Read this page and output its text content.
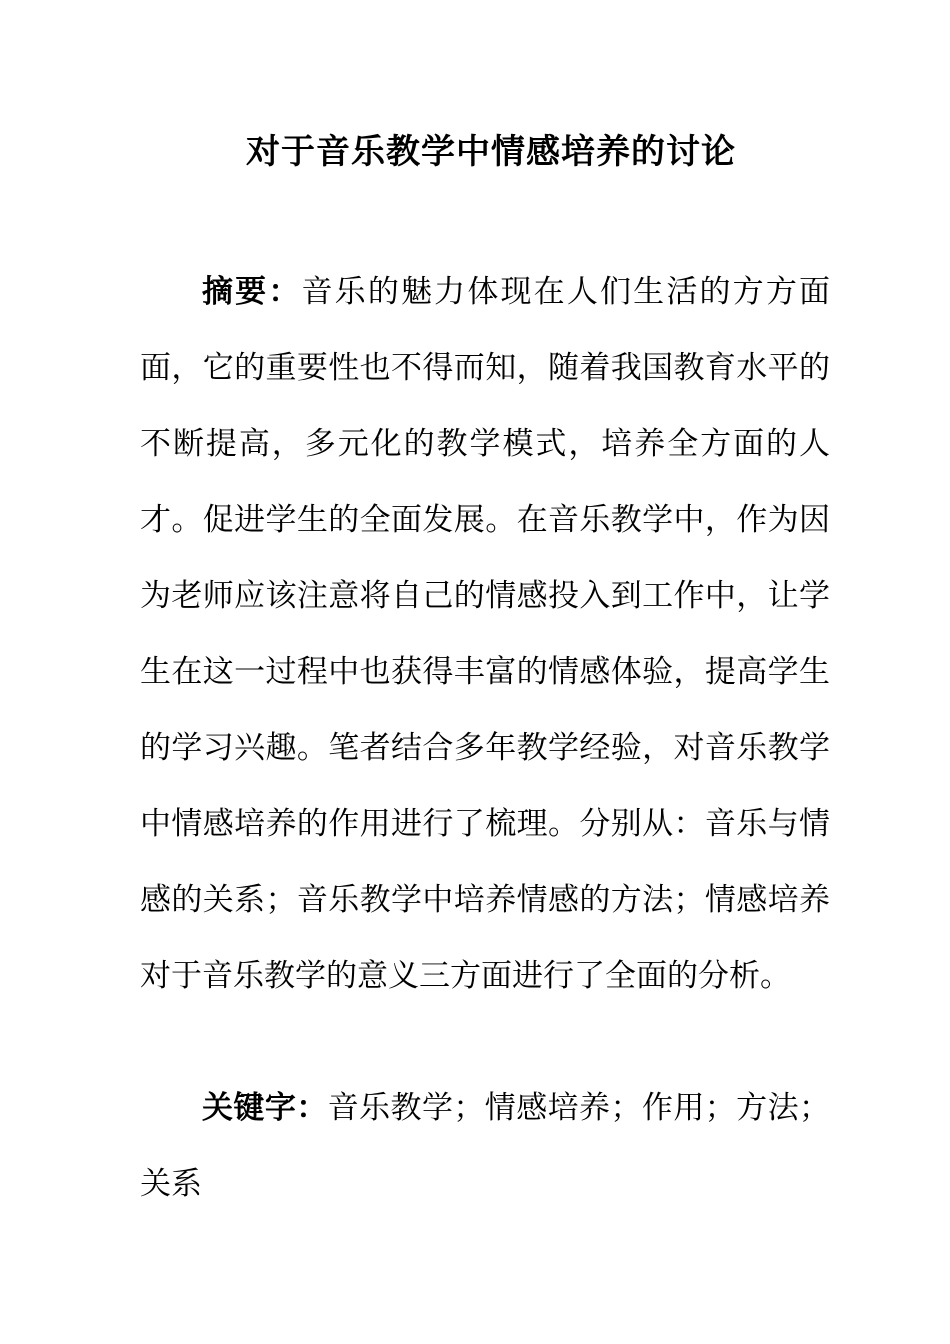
对于音乐教学中情感培养的讨论

摘要：音乐的魅力体现在人们生活的方方面面，它的重要性也不得而知，随着我国教育水平的不断提高，多元化的教学模式，培养全方面的人才。促进学生的全面发展。在音乐教学中，作为因为老师应该注意将自己的情感投入到工作中，让学生在这一过程中也获得丰富的情感体验，提高学生的学习兴趣。笔者结合多年教学经验，对音乐教学中情感培养的作用进行了梳理。分别从：音乐与情感的关系；音乐教学中培养情感的方法；情感培养对于音乐教学的意义三方面进行了全面的分析。

关键字：音乐教学；情感培养；作用；方法；关系
